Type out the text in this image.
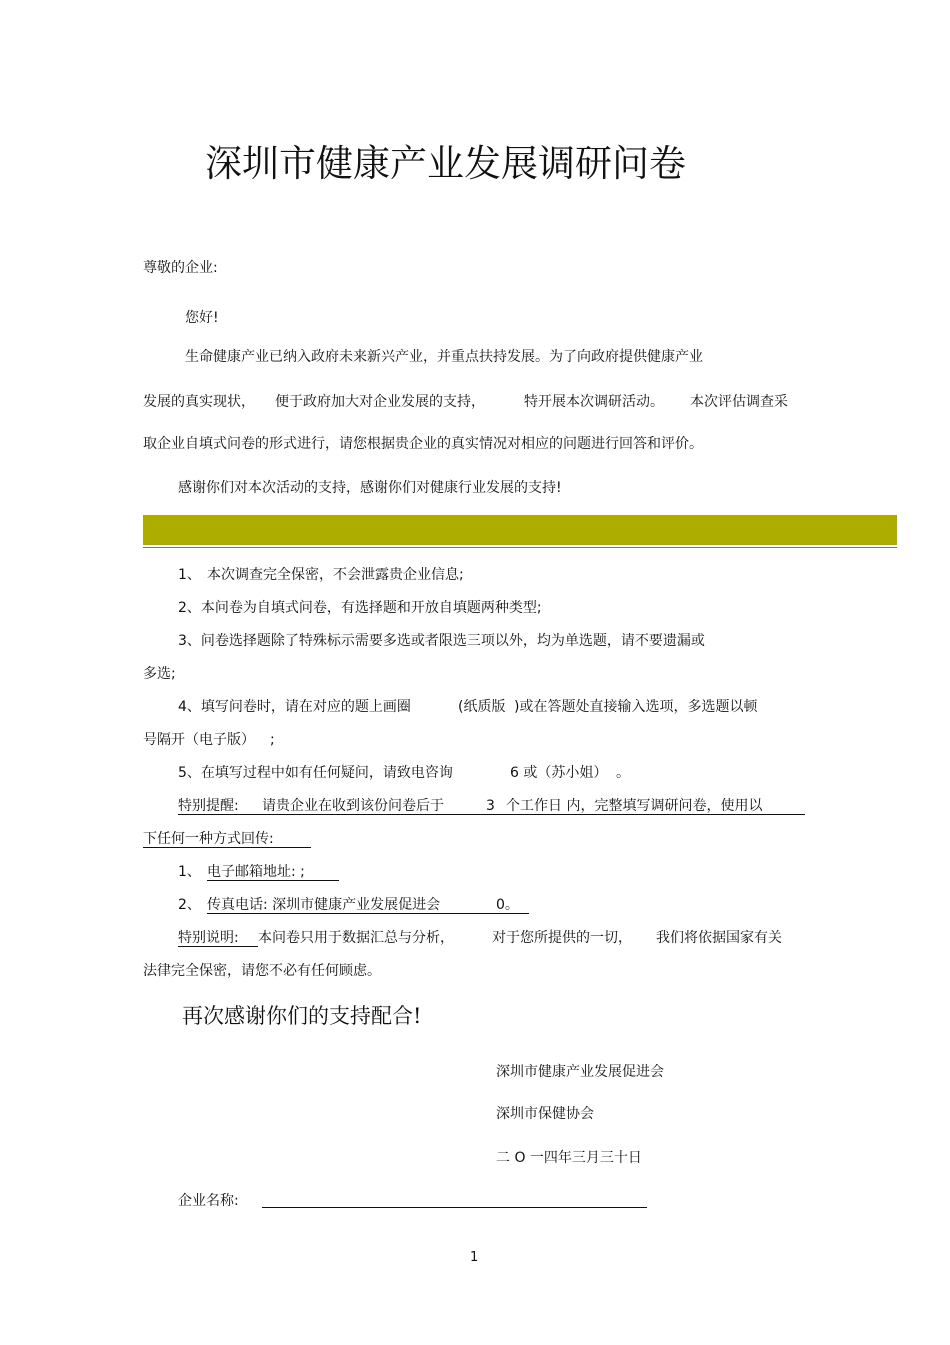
深圳市健康产业发展调研问卷
尊敬的企业:
您好!
生命健康产业已纳入政府未来新兴产业，并重点扶持发展。为了向政府提供健康产业
发展的真实现状， 便于政府加大对企业发展的支持，	特开展本次调研活动。 本次评估调查采
取企业自填式问卷的形式进行，请您根据贵企业的真实情况对相应的问题进行回答和评价。
感谢你们对本次活动的支持，感谢你们对健康行业发展的支持!
1、 本次调查完全保密，不会泄露贵企业信息;
2、本问卷为自填式问卷，有选择题和开放自填题两种类型;
3、问卷选择题除了特殊标示需要多选或者限选三项以外，均为单选题，请不要遗漏或
多选;
4、填写问卷时，请在对应的题上画圈	(纸质版 )或在答题处直接输入选项，多选题以顿
号隔开（电子版） ;
5、在填写过程中如有任何疑问，请致电咨询	6 或（苏小姐） 。
特别提醒: 请贵企业在收到该份问卷后于	3 个工作日 内，完整填写调研问卷，使用以
下任何一种方式回传:
1、 电子邮箱地址: ;
2、 传真电话: 深圳市健康产业发展促进会	0。
特别说明: 本问卷只用于数据汇总与分析，	对于您所提供的一切， 我们将依据国家有关
法律完全保密，请您不必有任何顾虑。
再次感谢你们的支持配合!
深圳市健康产业发展促进会
深圳市保健协会
二 O 一四年三月三十日
企业名称:
1
